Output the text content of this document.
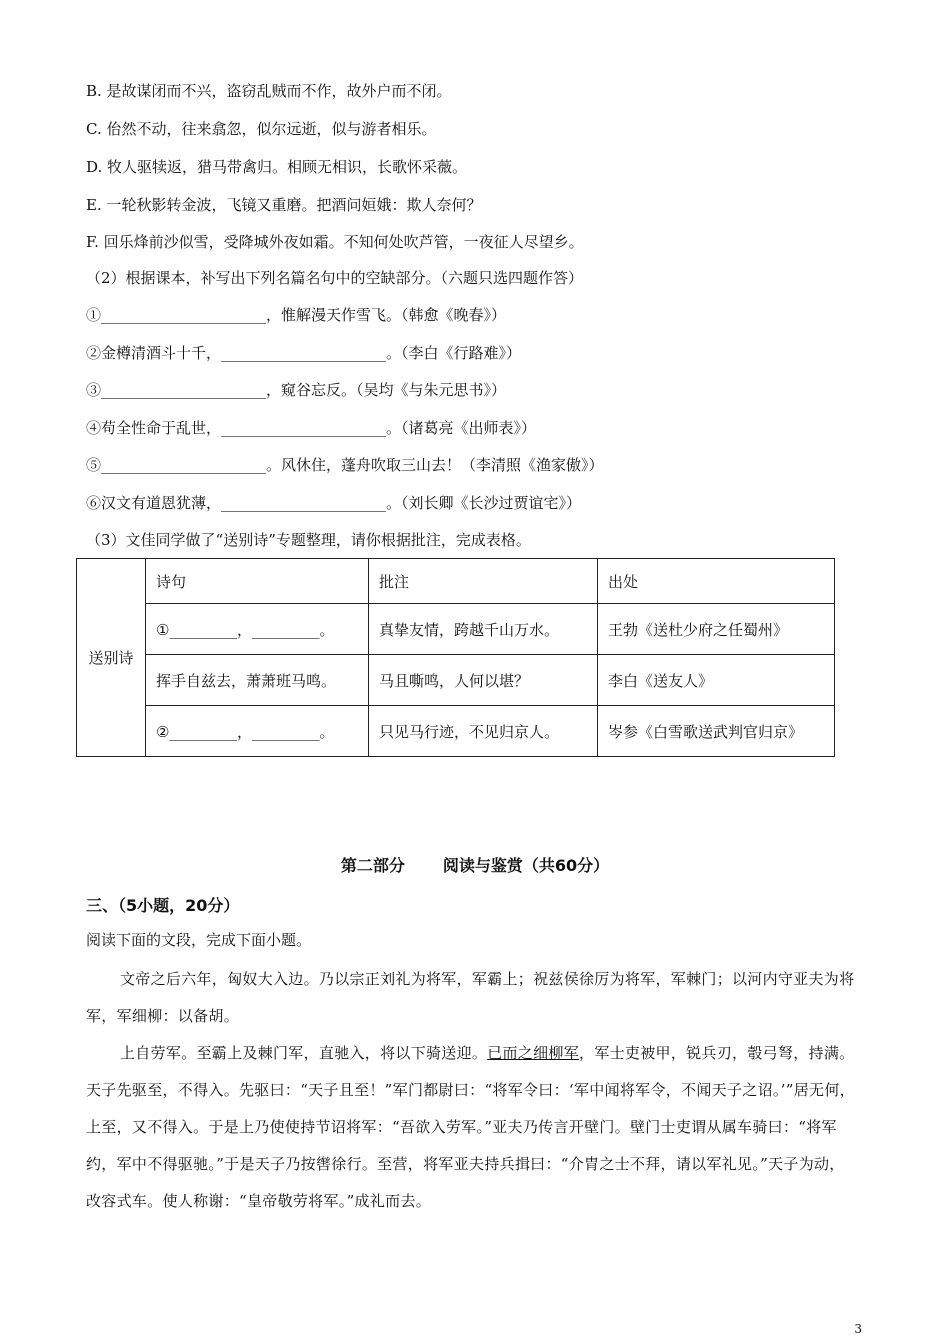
B. 是故谋闭而不兴，盗窃乱贼而不作，故外户而不闭。
C. 佁然不动，往来翕忽，似尔远逝，似与游者相乐。
D. 牧人驱犊返，猎马带禽归。相顾无相识，长歌怀采薇。
E. 一轮秋影转金波，飞镜又重磨。把酒问姮娥：欺人奈何？
F. 回乐烽前沙似雪，受降城外夜如霜。不知何处吹芦管，一夜征人尽望乡。
（2）根据课本，补写出下列名篇名句中的空缺部分。（六题只选四题作答）
①______________________，惟解漫天作雪飞。（韩愈《晚春》）
②金樽清酒斗十千，______________________。（李白《行路难》）
③______________________，窥谷忘反。（吴均《与朱元思书》）
④苟全性命于乱世，______________________。（诸葛亮《出师表》）
⑤______________________。风休住，蓬舟吹取三山去！（李清照《渔家傲》）
⑥汉文有道恩犹薄，______________________。（刘长卿《长沙过贾谊宅》）
（3）文佳同学做了“送别诗”专题整理，请你根据批注，完成表格。
送别诗	诗句	批注	出处
	①_________，_________。	真挚友情，跨越千山万水。	王勃《送杜少府之任蜀州》
	挥手自兹去，萧萧班马鸣。	马且嘶鸣，人何以堪？	李白《送友人》
	②_________，_________。	只见马行迹，不见归京人。	岑参《白雪歌送武判官归京》
第二部分 阅读与鉴赏（共60分）
三、（5小题，20分）
阅读下面的文段，完成下面小题。
文帝之后六年，匈奴大入边。乃以宗正刘礼为将军，军霸上；祝兹侯徐厉为将军，军棘门；以河内守亚夫为将军，军细柳：以备胡。
上自劳军。至霸上及棘门军，直驰入，将以下骑送迎。已而之细柳军，军士吏被甲，锐兵刃，彀弓弩，持满。天子先驱至，不得入。先驱曰：“天子且至！”军门都尉曰：“将军令曰：‘军中闻将军令，不闻天子之诏。’”居无何，上至，又不得入。于是上乃使使持节诏将军：“吾欲入劳军。”亚夫乃传言开壁门。壁门士吏谓从属车骑曰：“将军约，军中不得驱驰。”于是天子乃按辔徐行。至营，将军亚夫持兵揖曰：“介胄之士不拜，请以军礼见。”天子为动，改容式车。使人称谢：“皇帝敬劳将军。”成礼而去。
3
